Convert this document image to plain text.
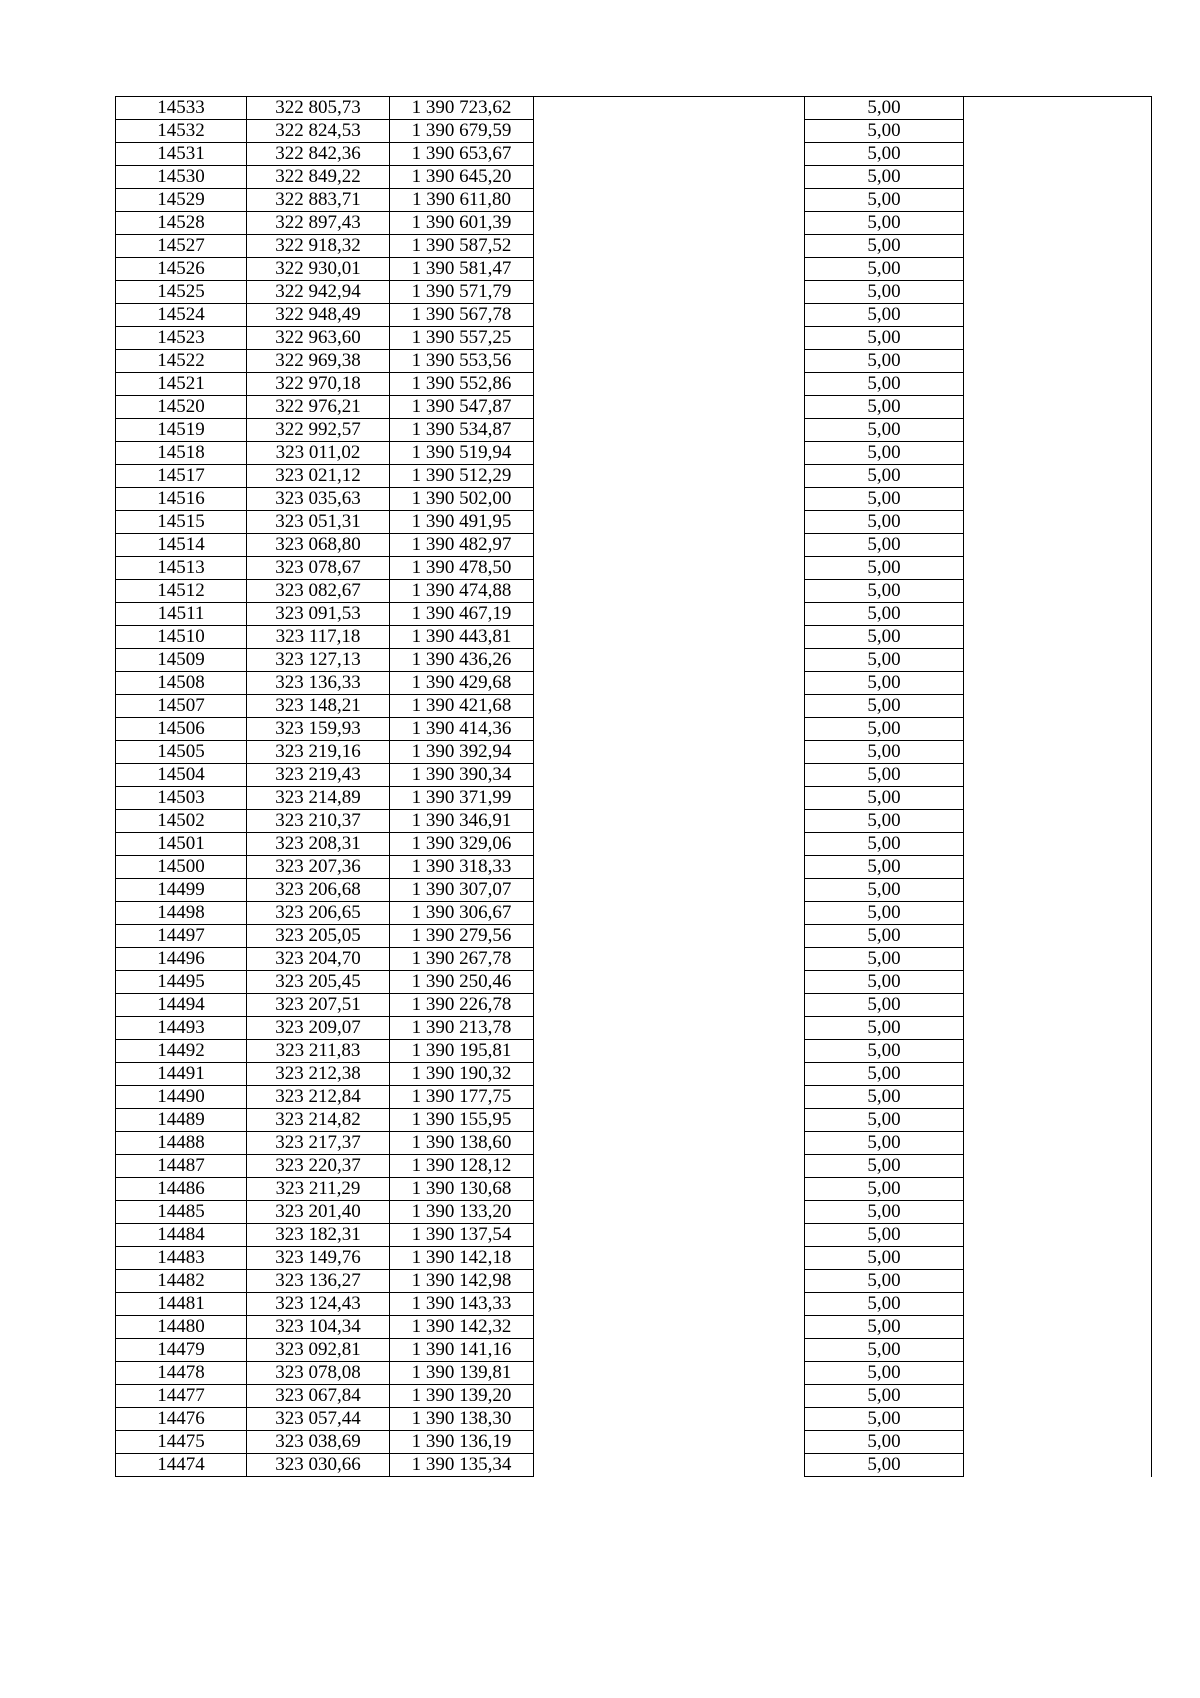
14533	322 805,73	1 390 723,62		5,00	
14532	322 824,53	1 390 679,59		5,00	
14531	322 842,36	1 390 653,67		5,00	
14530	322 849,22	1 390 645,20		5,00	
14529	322 883,71	1 390 611,80		5,00	
14528	322 897,43	1 390 601,39		5,00	
14527	322 918,32	1 390 587,52		5,00	
14526	322 930,01	1 390 581,47		5,00	
14525	322 942,94	1 390 571,79		5,00	
14524	322 948,49	1 390 567,78		5,00	
14523	322 963,60	1 390 557,25		5,00	
14522	322 969,38	1 390 553,56		5,00	
14521	322 970,18	1 390 552,86		5,00	
14520	322 976,21	1 390 547,87		5,00	
14519	322 992,57	1 390 534,87		5,00	
14518	323 011,02	1 390 519,94		5,00	
14517	323 021,12	1 390 512,29		5,00	
14516	323 035,63	1 390 502,00		5,00	
14515	323 051,31	1 390 491,95		5,00	
14514	323 068,80	1 390 482,97		5,00	
14513	323 078,67	1 390 478,50		5,00	
14512	323 082,67	1 390 474,88		5,00	
14511	323 091,53	1 390 467,19		5,00	
14510	323 117,18	1 390 443,81		5,00	
14509	323 127,13	1 390 436,26		5,00	
14508	323 136,33	1 390 429,68		5,00	
14507	323 148,21	1 390 421,68		5,00	
14506	323 159,93	1 390 414,36		5,00	
14505	323 219,16	1 390 392,94		5,00	
14504	323 219,43	1 390 390,34		5,00	
14503	323 214,89	1 390 371,99		5,00	
14502	323 210,37	1 390 346,91		5,00	
14501	323 208,31	1 390 329,06		5,00	
14500	323 207,36	1 390 318,33		5,00	
14499	323 206,68	1 390 307,07		5,00	
14498	323 206,65	1 390 306,67		5,00	
14497	323 205,05	1 390 279,56		5,00	
14496	323 204,70	1 390 267,78		5,00	
14495	323 205,45	1 390 250,46		5,00	
14494	323 207,51	1 390 226,78		5,00	
14493	323 209,07	1 390 213,78		5,00	
14492	323 211,83	1 390 195,81		5,00	
14491	323 212,38	1 390 190,32		5,00	
14490	323 212,84	1 390 177,75		5,00	
14489	323 214,82	1 390 155,95		5,00	
14488	323 217,37	1 390 138,60		5,00	
14487	323 220,37	1 390 128,12		5,00	
14486	323 211,29	1 390 130,68		5,00	
14485	323 201,40	1 390 133,20		5,00	
14484	323 182,31	1 390 137,54		5,00	
14483	323 149,76	1 390 142,18		5,00	
14482	323 136,27	1 390 142,98		5,00	
14481	323 124,43	1 390 143,33		5,00	
14480	323 104,34	1 390 142,32		5,00	
14479	323 092,81	1 390 141,16		5,00	
14478	323 078,08	1 390 139,81		5,00	
14477	323 067,84	1 390 139,20		5,00	
14476	323 057,44	1 390 138,30		5,00	
14475	323 038,69	1 390 136,19		5,00	
14474	323 030,66	1 390 135,34		5,00	
